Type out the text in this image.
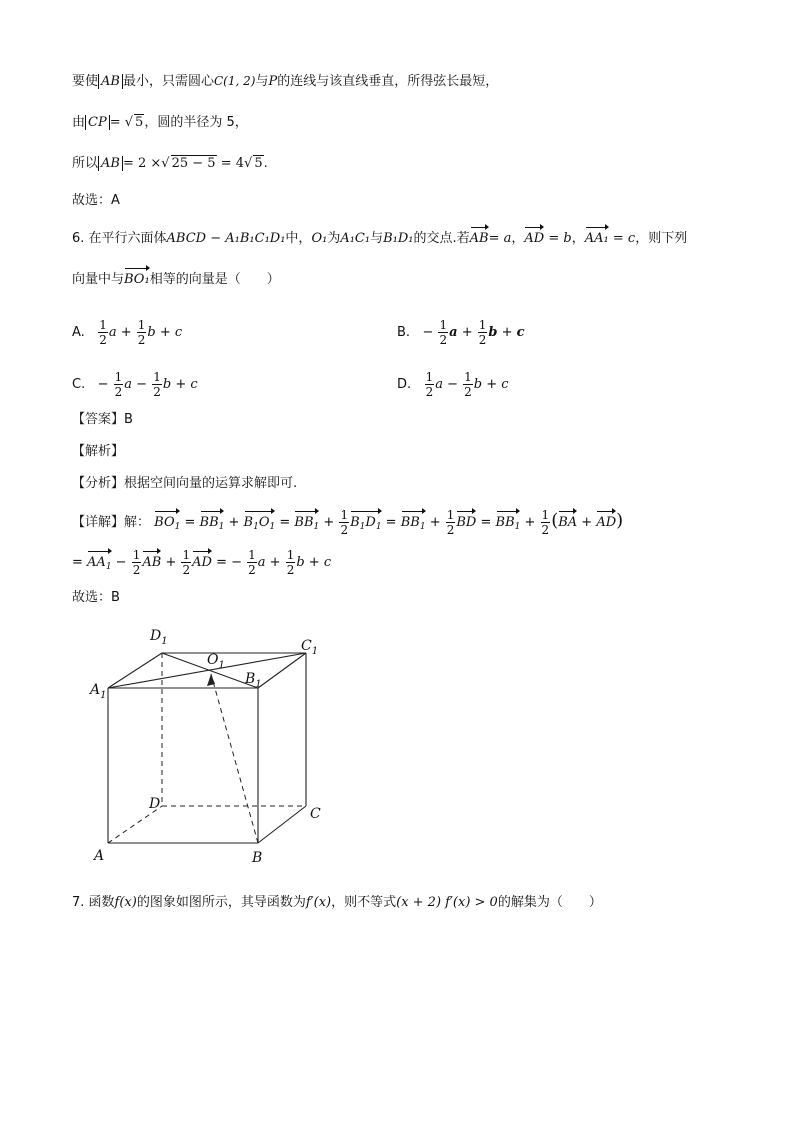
要使 AB 最小，只需圆心C(1, 2)与P的连线与该直线垂直，所得弦长最短，
由 CP = √ 5，圆的半径为 5，
所以 AB = 2 ×√ 25 − 5 = 4√ 5.
故选：A
6. 在平行六面体ABCD − A₁B₁C₁D₁中，O₁为A₁C₁与B₁D₁的交点.若AB= a，AD = b，AA₁ = c，则下列
向量中与BO₁相等的向量是（　　）
A. $\frac{1}{2}$ $a + \frac{1}{2}$ b + c	B.   − $\frac{1}{2}$ $a + \frac{1}{2}$ b + c
C.   − $\frac{1}{2}$ $a - \frac{1}{2}$ b + c	D. $\frac{1}{2}$ $a - \frac{1}{2}$ b + c
【答案】B
【解析】
【分析】根据空间向量的运算求解即可.
【详解】解： $BO_1 = BB_1 + B_1O_1 = BB_1 + \frac{1}{2} B_1D_1 = BB_1 + \frac{1}{2}$ BD = $BB_1 + \frac{1}{2} (BA + AD)$
= $AA_1 - \frac{1}{2}$ AB + $\frac{1}{2}$ AD = − $\frac{1}{2}$ $a + \frac{1}{2}$ b + c
故选：B
$D_1$	$C_1$
$O_1$
$A_1$
$B_1$
D
C
A	B
7. 函数f(x)的图象如图所示，其导函数为f′(x)，则不等式(x + 2) f′(x) > 0的解集为（　　）
